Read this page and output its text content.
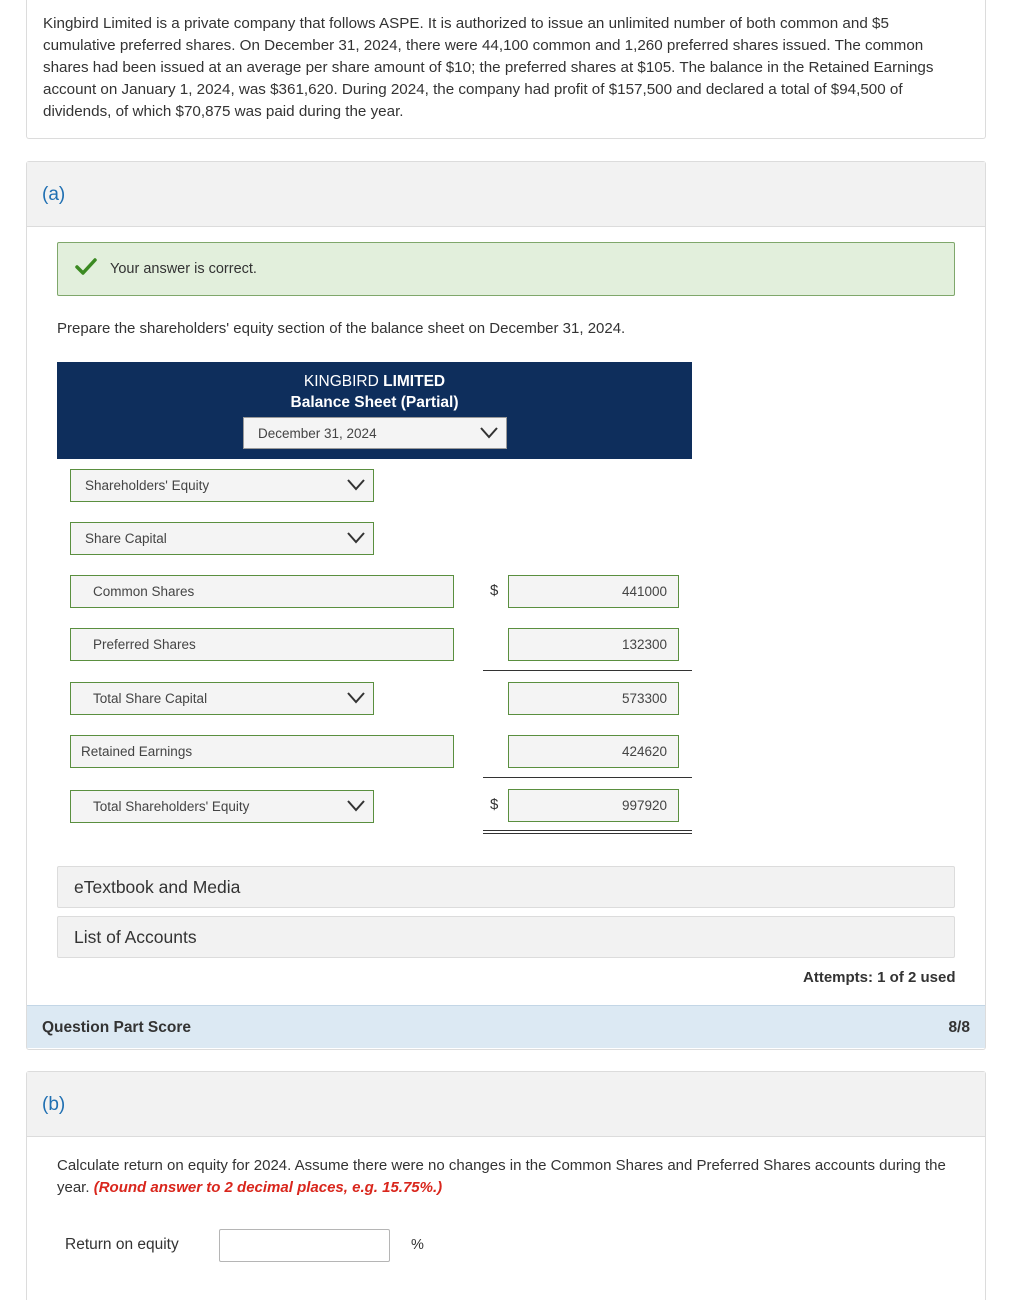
Kingbird Limited is a private company that follows ASPE. It is authorized to issue an unlimited number of both common and $5 cumulative preferred shares. On December 31, 2024, there were 44,100 common and 1,260 preferred shares issued. The common shares had been issued at an average per share amount of $10; the preferred shares at $105. The balance in the Retained Earnings account on January 1, 2024, was $361,620. During 2024, the company had profit of $157,500 and declared a total of $94,500 of dividends, of which $70,875 was paid during the year.
(a)
Your answer is correct.
Prepare the shareholders' equity section of the balance sheet on December 31, 2024.
KINGBIRD LIMITED
Balance Sheet (Partial)
December 31, 2024
Shareholders' Equity
Share Capital
Common Shares	$	441000
Preferred Shares	132300
Total Share Capital	573300
Retained Earnings	424620
Total Shareholders' Equity	$	997920
eTextbook and Media
List of Accounts
Attempts: 1 of 2 used
Question Part Score	8/8
(b)
Calculate return on equity for 2024. Assume there were no changes in the Common Shares and Preferred Shares accounts during the year. (Round answer to 2 decimal places, e.g. 15.75%.)
Return on equity	%
